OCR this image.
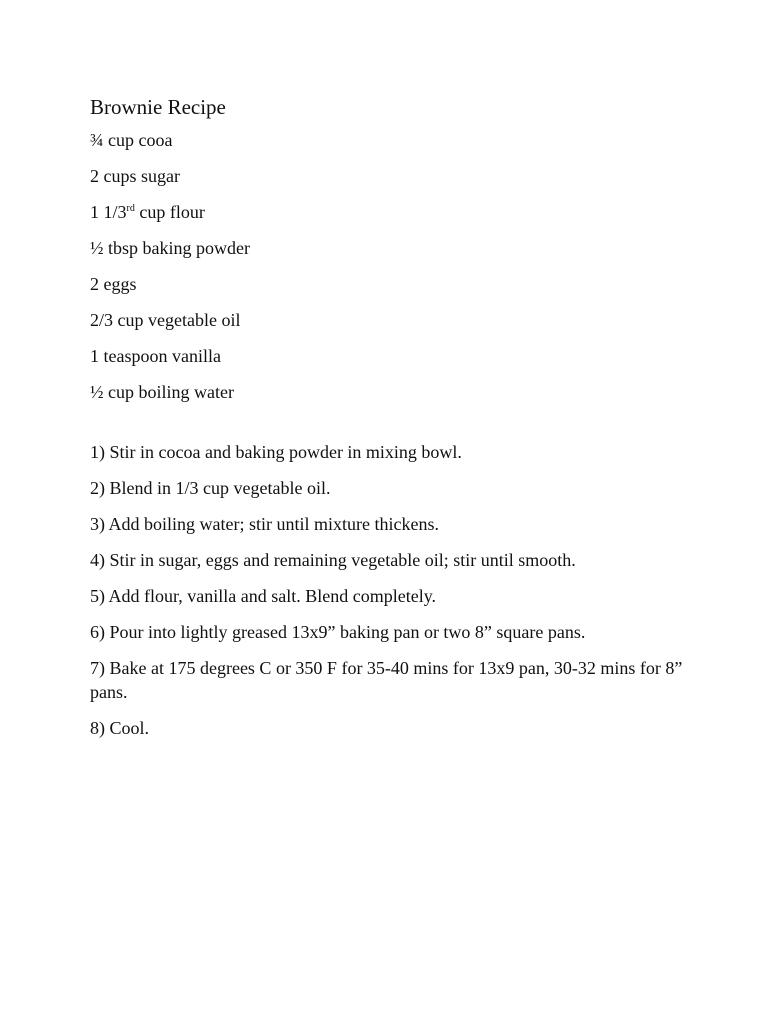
Brownie Recipe
¾ cup cooa
2 cups sugar
1 1/3rd cup flour
½ tbsp baking powder
2 eggs
2/3 cup vegetable oil
1 teaspoon vanilla
½ cup boiling water
1) Stir in cocoa and baking powder in mixing bowl.
2) Blend in 1/3 cup vegetable oil.
3) Add boiling water; stir until mixture thickens.
4) Stir in sugar, eggs and remaining vegetable oil; stir until smooth.
5) Add flour, vanilla and salt. Blend completely.
6) Pour into lightly greased 13x9” baking pan or two 8” square pans.
7) Bake at 175 degrees C or 350 F for 35-40 mins for 13x9 pan, 30-32 mins for 8” pans.
8) Cool.
